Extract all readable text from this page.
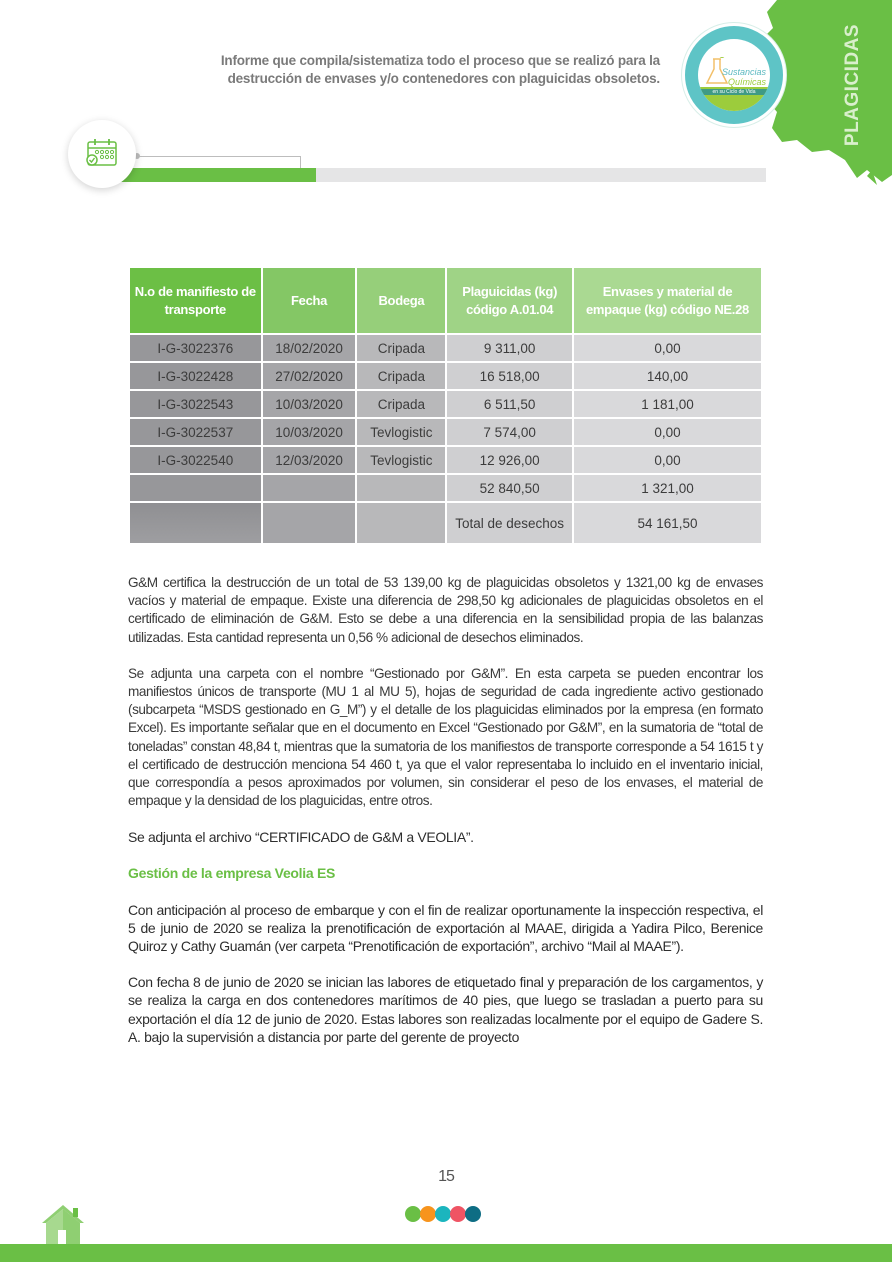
Informe que compila/sistematiza todo el proceso que se realizó para la
destrucción de envases y/o contenedores con plaguicidas obsoletos.	Sustancias
Químicas
en su Ciclo de Vida	PLAGICIDAS
N.o de manifiesto de transporte	Fecha	Bodega	Plaguicidas (kg) código A.01.04	Envases y material de empaque (kg) código NE.28
I-G-3022376	18/02/2020	Cripada	9 311,00	0,00
I-G-3022428	27/02/2020	Cripada	16 518,00	140,00
I-G-3022543	10/03/2020	Cripada	6 511,50	1 181,00
I-G-3022537	10/03/2020	Tevlogistic	7 574,00	0,00
I-G-3022540	12/03/2020	Tevlogistic	12 926,00	0,00
			52 840,50	1 321,00
			Total de desechos	54 161,50

G&M certifica la destrucción de un total de 53 139,00 kg de plaguicidas obsoletos y 1321,00 kg de envases vacíos y material de empaque. Existe una diferencia de 298,50 kg adicionales de plaguicidas obsoletos en el certificado de eliminación de G&M. Esto se debe a una diferencia en la sensibilidad propia de las balanzas utilizadas. Esta cantidad representa un 0,56 % adicional de desechos eliminados.

Se adjunta una carpeta con el nombre “Gestionado por G&M”. En esta carpeta se pueden encontrar los manifiestos únicos de transporte (MU 1 al MU 5), hojas de seguridad de cada ingrediente activo gestionado (subcarpeta “MSDS gestionado en G_M”) y el detalle de los plaguicidas eliminados por la empresa (en formato Excel). Es importante señalar que en el documento en Excel “Gestionado por G&M”, en la sumatoria de “total de toneladas” constan 48,84 t, mientras que la sumatoria de los manifiestos de transporte corresponde a 54 1615 t y el certificado de destrucción menciona 54 460 t, ya que el valor representaba lo incluido en el inventario inicial, que correspondía a pesos aproximados por volumen, sin considerar el peso de los envases, el material de empaque y la densidad de los plaguicidas, entre otros.

Se adjunta el archivo “CERTIFICADO de G&M a VEOLIA”.

Gestión de la empresa Veolia ES

Con anticipación al proceso de embarque y con el fin de realizar oportunamente la inspección respectiva, el 5 de junio de 2020 se realiza la prenotificación de exportación al MAAE, dirigida a Yadira Pilco, Berenice Quiroz y Cathy Guamán (ver carpeta “Prenotificación de exportación”, archivo “Mail al MAAE”).

Con fecha 8 de junio de 2020 se inician las labores de etiquetado final y preparación de los cargamentos, y se realiza la carga en dos contenedores marítimos de 40 pies, que luego se trasladan a puerto para su exportación el día 12 de junio de 2020. Estas labores son realizadas localmente por el equipo de Gadere S. A. bajo la supervisión a distancia por parte del gerente de proyecto

15
